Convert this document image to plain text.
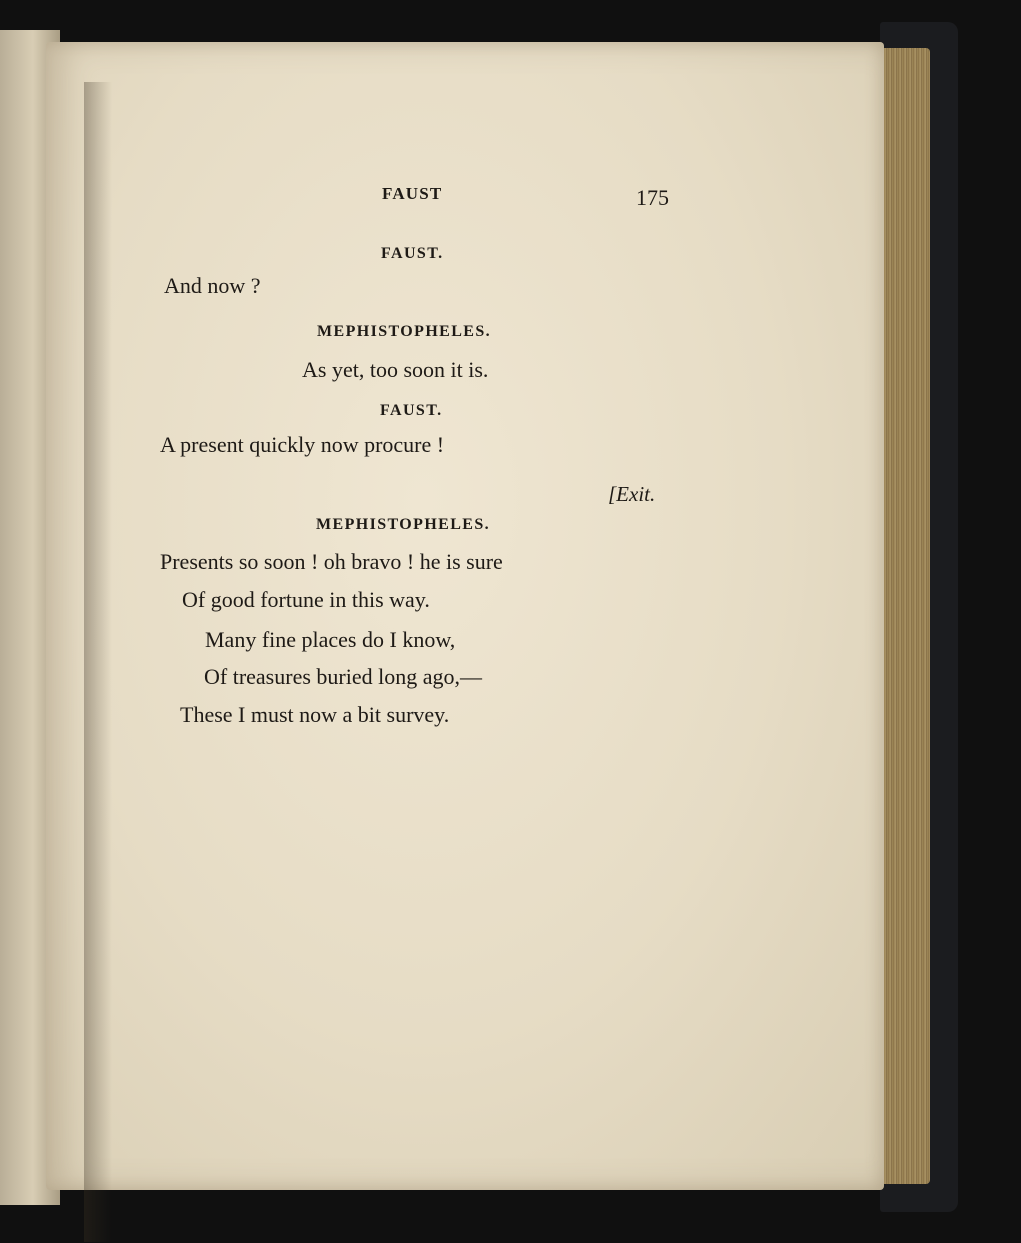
FAUST	175
FAUST.
And now ?
MEPHISTOPHELES.
As yet, too soon it is.
FAUST.
A present quickly now procure !
[Exit.
MEPHISTOPHELES.
Presents so soon ! oh bravo ! he is sure
Of good fortune in this way.
Many fine places do I know,
Of treasures buried long ago,—
These I must now a bit survey.
